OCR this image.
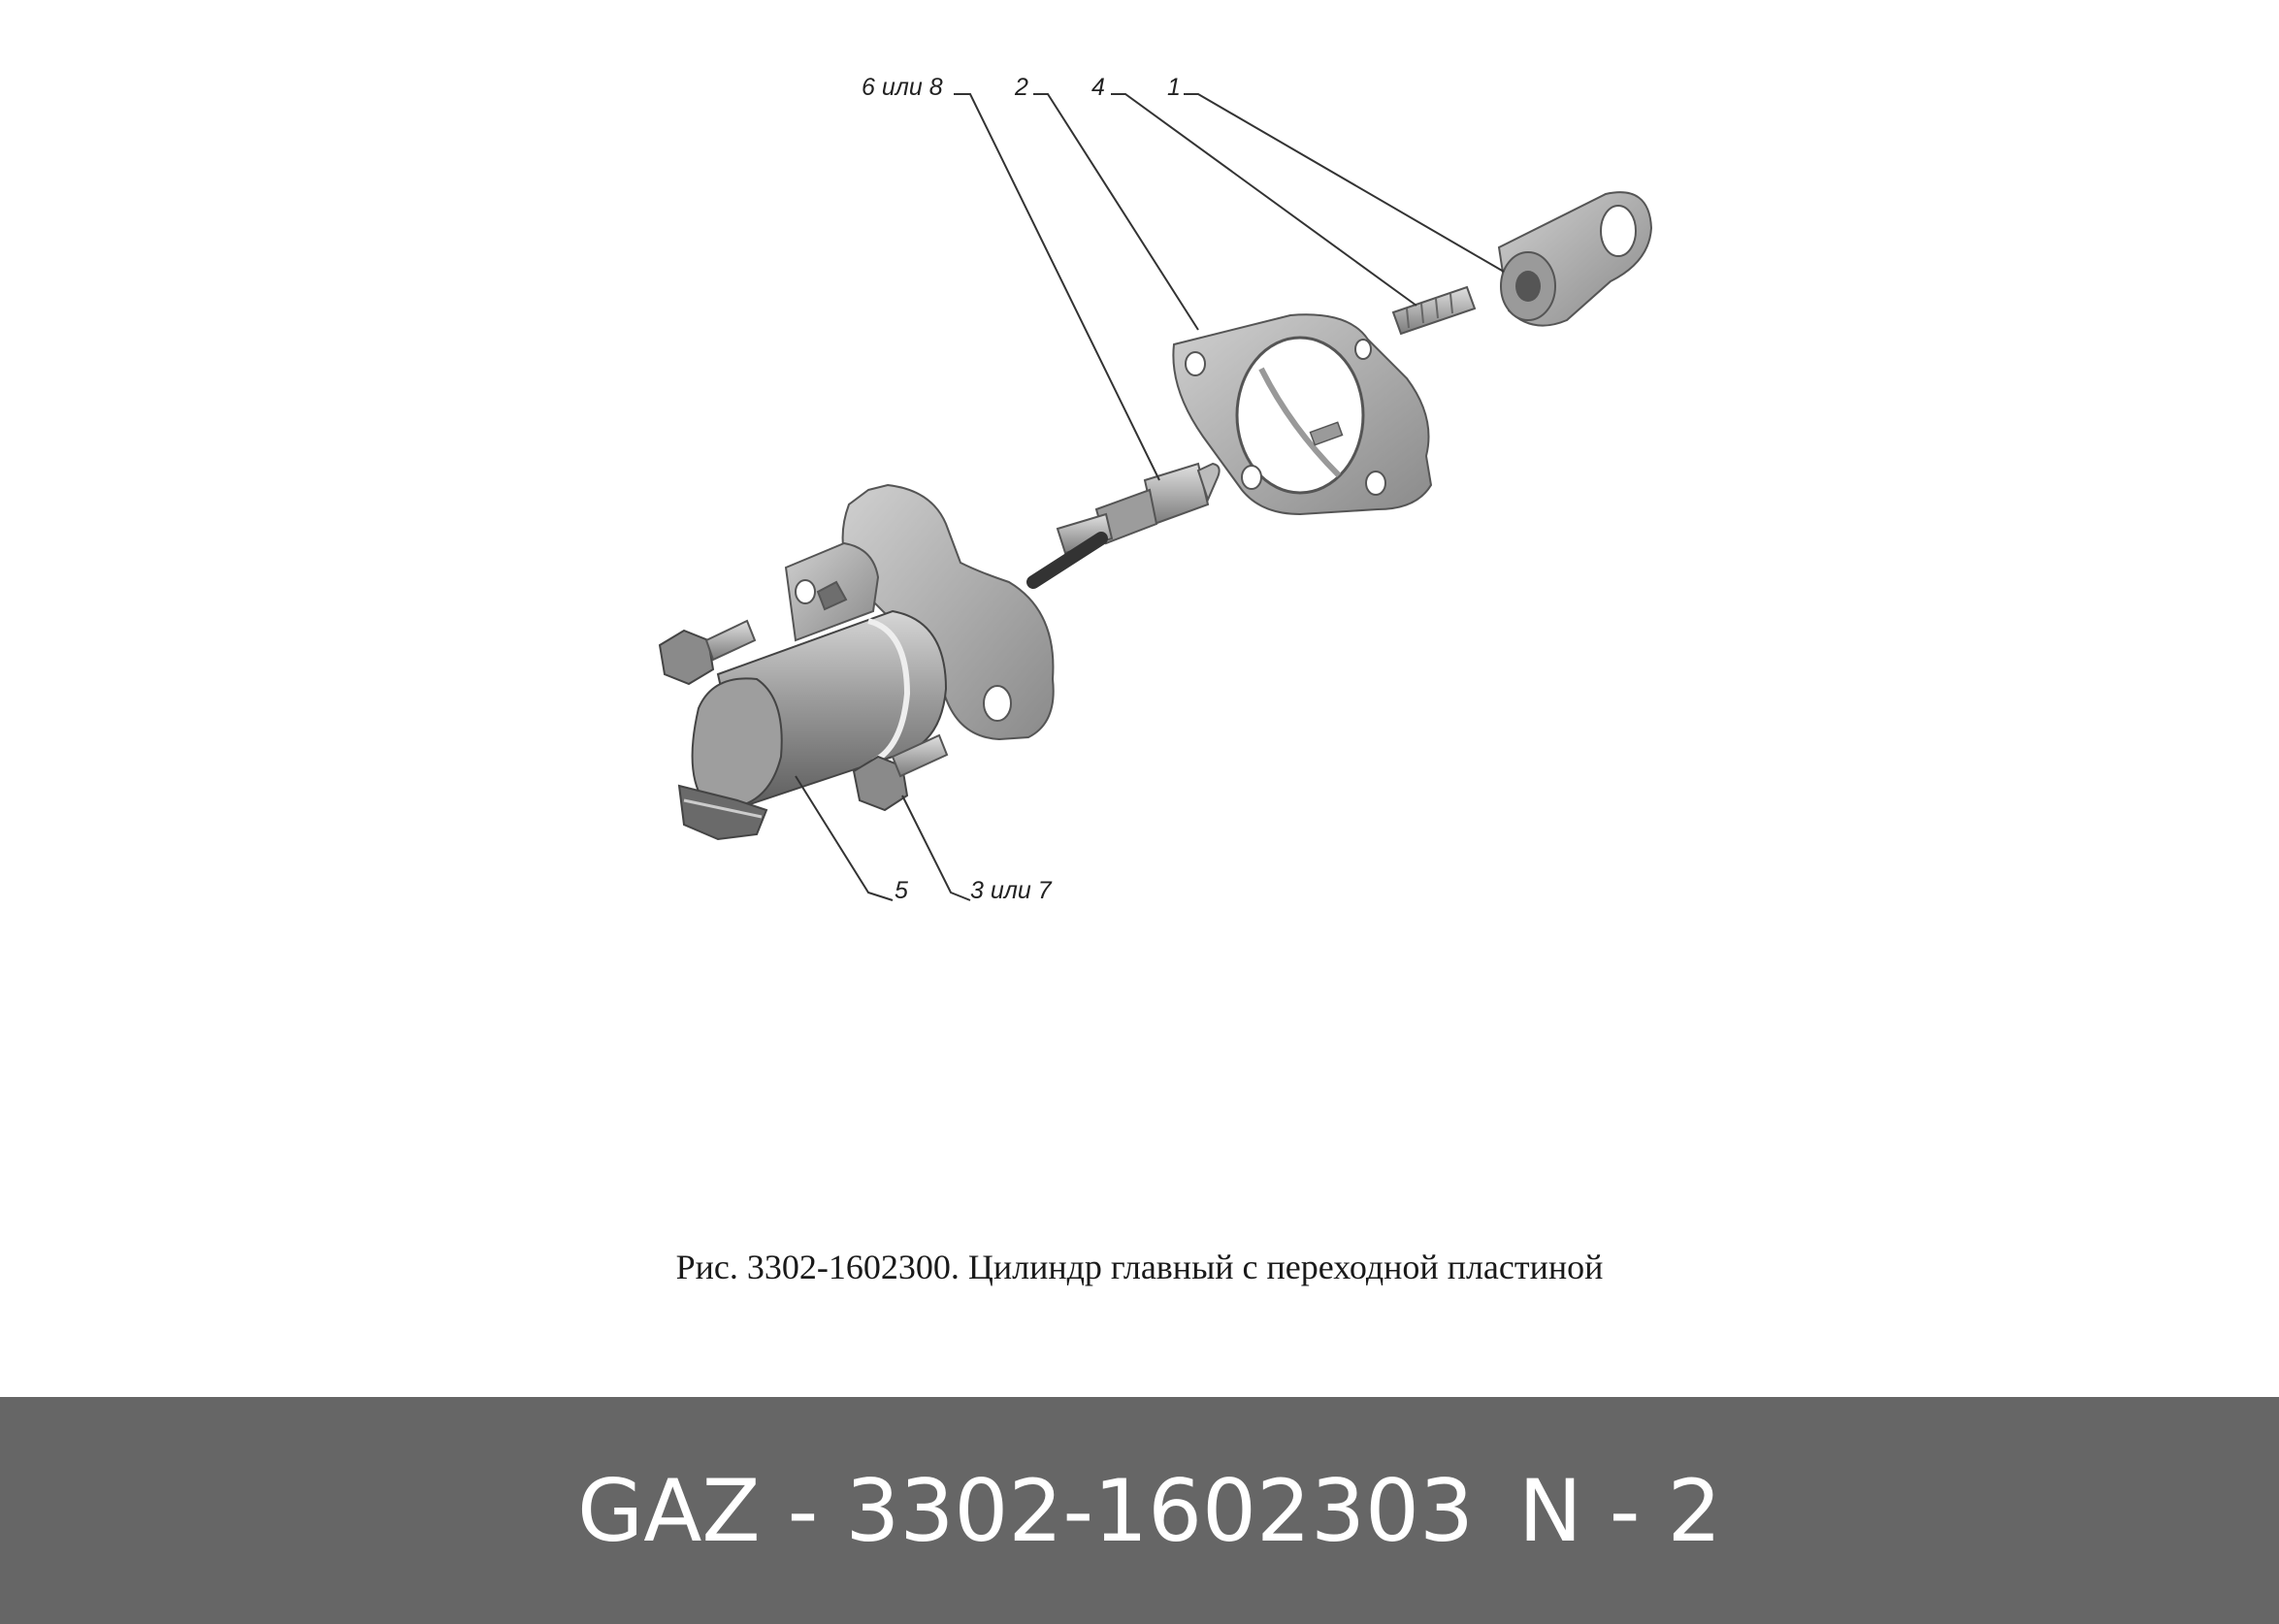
6 или 8	2	4	1
5	3 или 7
Рис. 3302-1602300. Цилиндр главный с переходной пластиной
GAZ - 3302-1602303 N - 2
